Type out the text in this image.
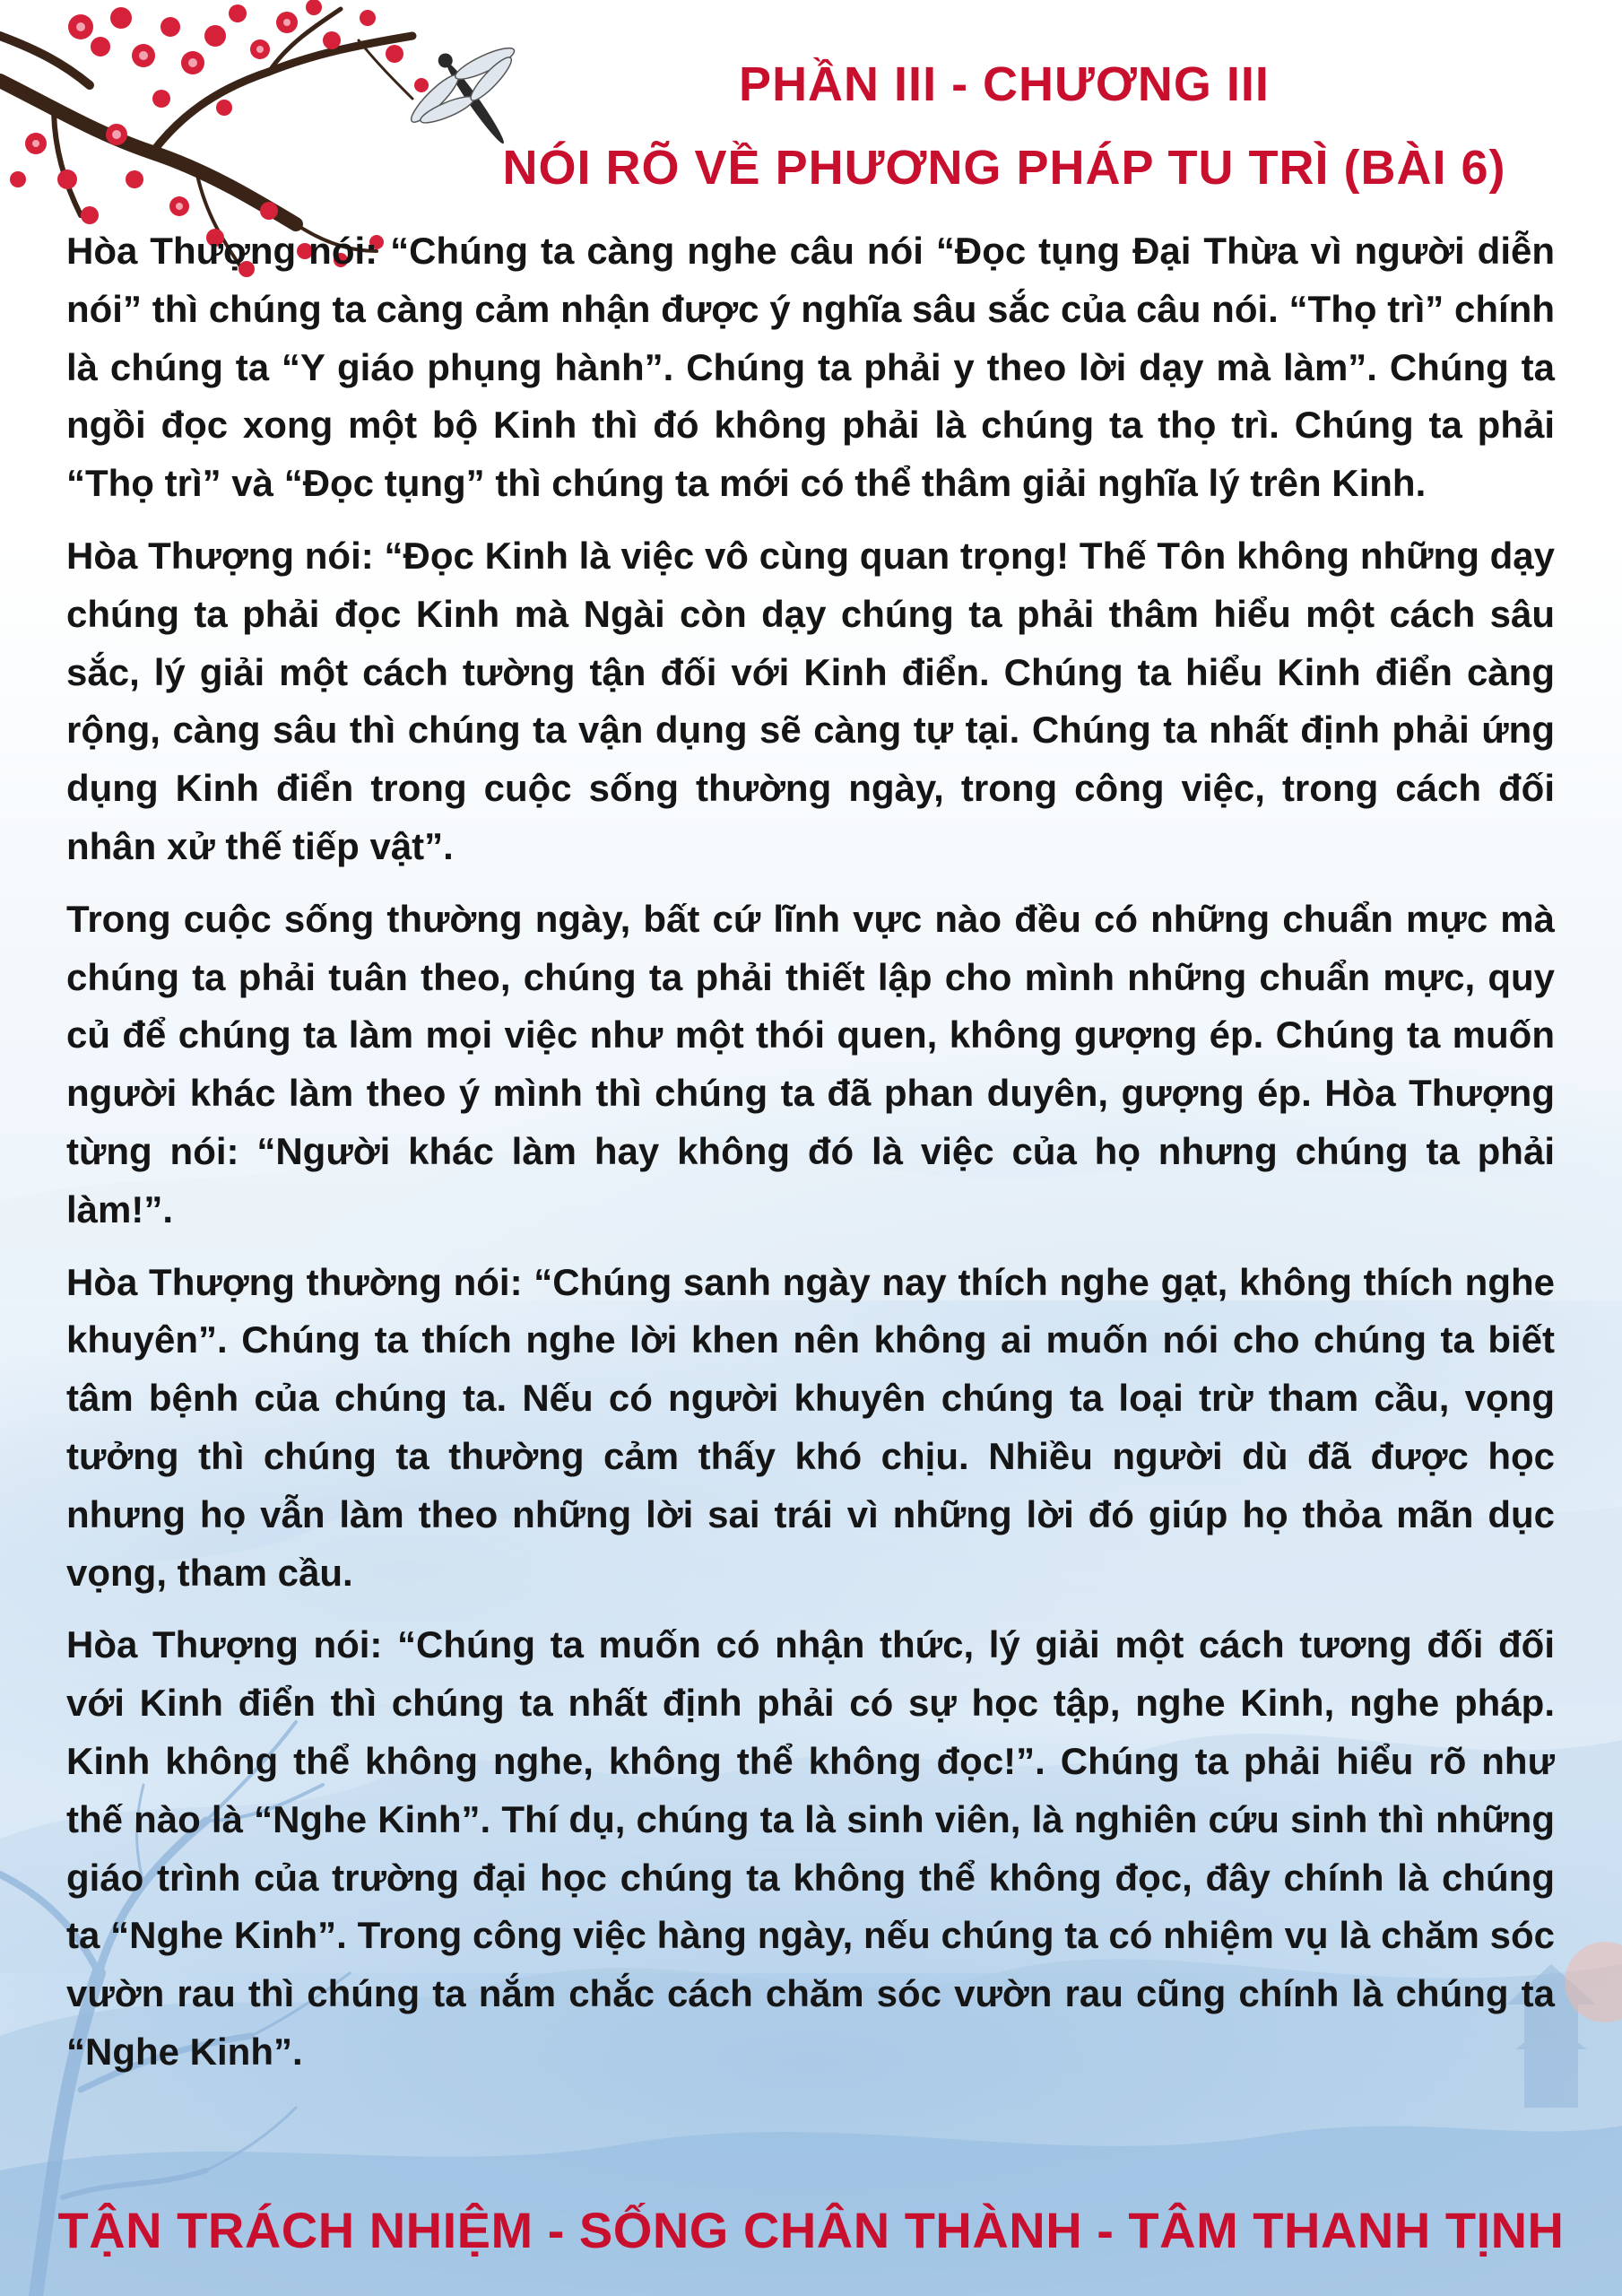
PHẦN III - CHƯƠNG III
NÓI RÕ VỀ PHƯƠNG PHÁP TU TRÌ (BÀI 6)

Hòa Thượng nói: “Chúng ta càng nghe câu nói “Đọc tụng Đại Thừa vì người diễn nói” thì chúng ta càng cảm nhận được ý nghĩa sâu sắc của câu nói. “Thọ trì” chính là chúng ta “Y giáo phụng hành”. Chúng ta phải y theo lời dạy mà làm”. Chúng ta ngồi đọc xong một bộ Kinh thì đó không phải là chúng ta thọ trì. Chúng ta phải “Thọ trì” và “Đọc tụng” thì chúng ta mới có thể thâm giải nghĩa lý trên Kinh.

Hòa Thượng nói: “Đọc Kinh là việc vô cùng quan trọng! Thế Tôn không những dạy chúng ta phải đọc Kinh mà Ngài còn dạy chúng ta phải thâm hiểu một cách sâu sắc, lý giải một cách tường tận đối với Kinh điển. Chúng ta hiểu Kinh điển càng rộng, càng sâu thì chúng ta vận dụng sẽ càng tự tại. Chúng ta nhất định phải ứng dụng Kinh điển trong cuộc sống thường ngày, trong công việc, trong cách đối nhân xử thế tiếp vật”.

Trong cuộc sống thường ngày, bất cứ lĩnh vực nào đều có những chuẩn mực mà chúng ta phải tuân theo, chúng ta phải thiết lập cho mình những chuẩn mực, quy củ để chúng ta làm mọi việc như một thói quen, không gượng ép. Chúng ta muốn người khác làm theo ý mình thì chúng ta đã phan duyên, gượng ép. Hòa Thượng từng nói: “Người khác làm hay không đó là việc của họ nhưng chúng ta phải làm!”.

Hòa Thượng thường nói: “Chúng sanh ngày nay thích nghe gạt, không thích nghe khuyên”. Chúng ta thích nghe lời khen nên không ai muốn nói cho chúng ta biết tâm bệnh của chúng ta. Nếu có người khuyên chúng ta loại trừ tham cầu, vọng tưởng thì chúng ta thường cảm thấy khó chịu. Nhiều người dù đã được học nhưng họ vẫn làm theo những lời sai trái vì những lời đó giúp họ thỏa mãn dục vọng, tham cầu.

Hòa Thượng nói: “Chúng ta muốn có nhận thức, lý giải một cách tương đối đối với Kinh điển thì chúng ta nhất định phải có sự học tập, nghe Kinh, nghe pháp. Kinh không thể không nghe, không thể không đọc!”. Chúng ta phải hiểu rõ như thế nào là “Nghe Kinh”. Thí dụ, chúng ta là sinh viên, là nghiên cứu sinh thì những giáo trình của trường đại học chúng ta không thể không đọc, đây chính là chúng ta “Nghe Kinh”. Trong công việc hàng ngày, nếu chúng ta có nhiệm vụ là chăm sóc vườn rau thì chúng ta nắm chắc cách chăm sóc vườn rau cũng chính là chúng ta “Nghe Kinh”.

TẬN TRÁCH NHIỆM - SỐNG CHÂN THÀNH - TÂM THANH TỊNH
